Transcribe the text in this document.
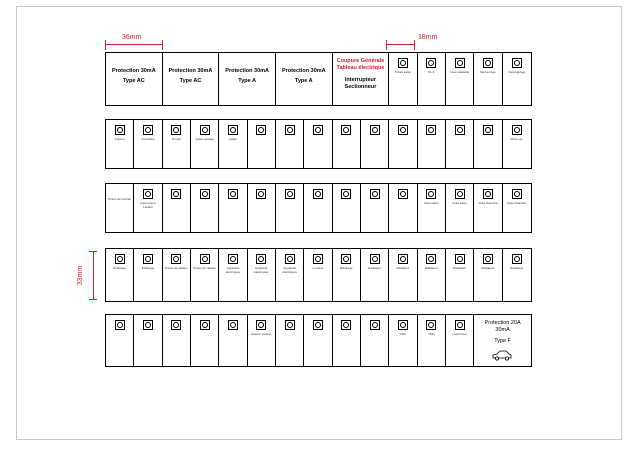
36mm	18mm
33mm
Protection 30mA
Type AC
Protection 30mA
Type AC
Protection 30mA
Type A
Protection 30mA
Type A
Coupure Générale
Tableau électrique
Interrupteur
Sectionneur
Prises salon	P.L.F	Lave-vaisselle	Sèche-linge	Cave/garage
Cuisine	Chaudière	Portail	Volets garage	Cellier	Prise ext.
Prises de l'entrée
Interrupteur Lavabo
Volet salon	Volet salon	Volet chambre	Volet chambre
Éclairage	Éclairage	Prises de l'atelier	Prises de l'atelier	Appareils électriques
Appareils électriques
Appareils électriques
Lumière	Éclairage	Radiateur	Radiateur	Radiateur	Radiateur	Radiateur	Radiateur
Alarme maison	VMC	VMC	Interphone
Protection 20A
30mA
Type F
